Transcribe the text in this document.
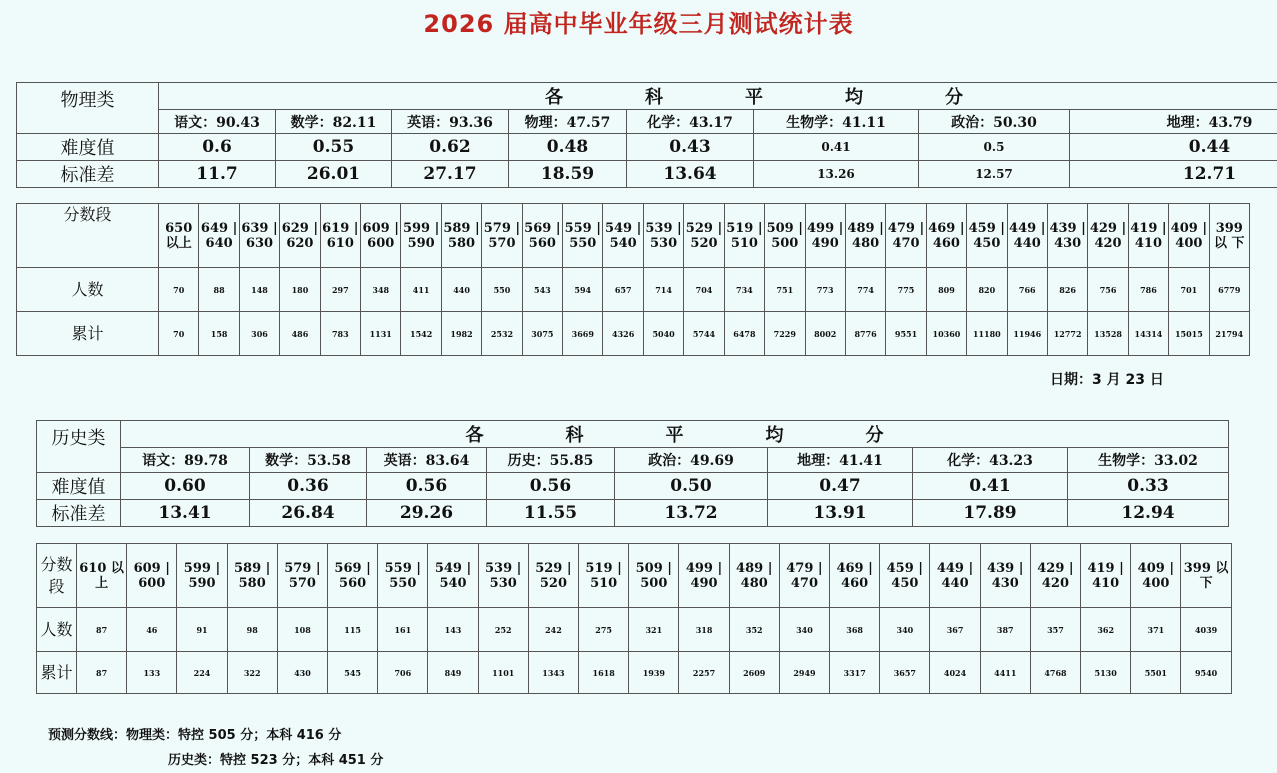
2026 届高中毕业年级三月测试统计表
物理类	各 科 平 均 分							
	语文：90.43	数学：82.11	英语：93.36	物理：47.57	化学：43.17	生物学：41.11	政治：50.30	地理：43.79
难度值	0.6	0.55	0.62	0.48	0.43	0.41	0.5	0.44
标准差	11.7	26.01	27.17	18.59	13.64	13.26	12.57	12.71
分数段	650 以上	649 | 640	639 | 630	629 | 620	619 | 610	609 | 600	599 | 590	589 | 580	579 | 570	569 | 560	559 | 550	549 | 540	539 | 530	529 | 520	519 | 510	509 | 500	499 | 490	489 | 480	479 | 470	469 | 460	459 | 450	449 | 440	439 | 430	429 | 420	419 | 410	409 | 400	399 以 下
人数	70	88	148	180	297	348	411	440	550	543	594	657	714	704	734	751	773	774	775	809	820	766	826	756	786	701	6779
累计	70	158	306	486	783	1131	1542	1982	2532	3075	3669	4326	5040	5744	6478	7229	8002	8776	9551	10360	11180	11946	12772	13528	14314	15015	21794
日期：3 月 23 日
历史类	各 科 平 均 分							
	语文：89.78	数学：53.58	英语：83.64	历史：55.85	政治：49.69	地理：41.41	化学：43.23	生物学：33.02
难度值	0.60	0.36	0.56	0.56	0.50	0.47	0.41	0.33
标准差	13.41	26.84	29.26	11.55	13.72	13.91	17.89	12.94
分数段	610 以 上	609 | 600	599 | 590	589 | 580	579 | 570	569 | 560	559 | 550	549 | 540	539 | 530	529 | 520	519 | 510	509 | 500	499 | 490	489 | 480	479 | 470	469 | 460	459 | 450	449 | 440	439 | 430	429 | 420	419 | 410	409 | 400	399 以 下
人数	87	46	91	98	108	115	161	143	252	242	275	321	318	352	340	368	340	367	387	357	362	371	4039
累计	87	133	224	322	430	545	706	849	1101	1343	1618	1939	2257	2609	2949	3317	3657	4024	4411	4768	5130	5501	9540
预测分数线：物理类：特控 505 分；本科 416 分
历史类：特控 523 分；本科 451 分
